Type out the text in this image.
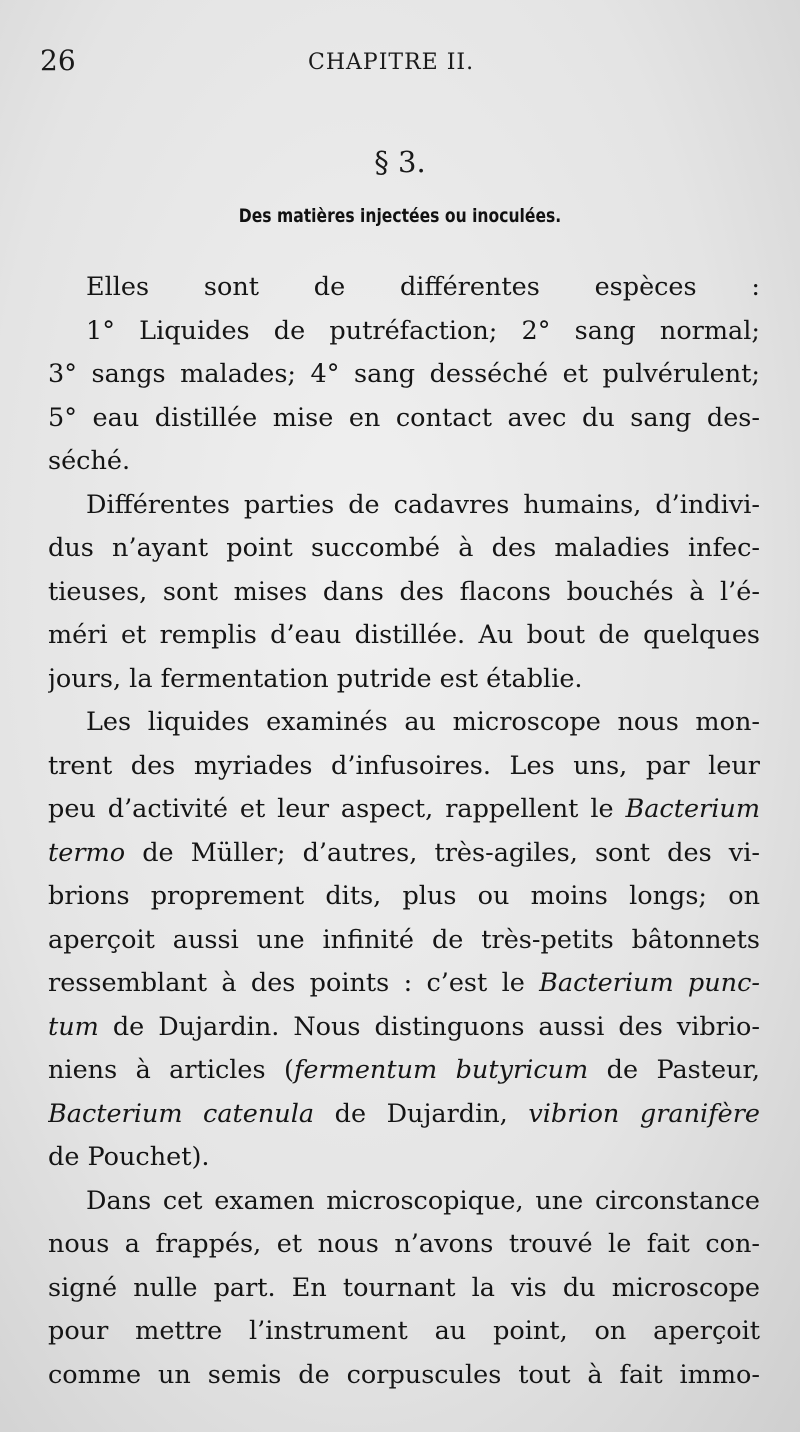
26	CHAPITRE II.
§ 3.
Des matières injectées ou inoculées.
Elles sont de différentes espèces :
1° Liquides de putréfaction; 2° sang normal;
3° sangs malades; 4° sang desséché et pulvérulent;
5° eau distillée mise en contact avec du sang des-
séché.
Différentes parties de cadavres humains, d’indivi-
dus n’ayant point succombé à des maladies infec-
tieuses, sont mises dans des flacons bouchés à l’é-
méri et remplis d’eau distillée. Au bout de quelques
jours, la fermentation putride est établie.
Les liquides examinés au microscope nous mon-
trent des myriades d’infusoires. Les uns, par leur
peu d’activité et leur aspect, rappellent le Bacterium
termo de Müller; d’autres, très-agiles, sont des vi-
brions proprement dits, plus ou moins longs; on
aperçoit aussi une infinité de très-petits bâtonnets
ressemblant à des points : c’est le Bacterium punc-
tum de Dujardin. Nous distinguons aussi des vibrio-
niens à articles (fermentum butyricum de Pasteur,
Bacterium catenula de Dujardin, vibrion granifère
de Pouchet).
Dans cet examen microscopique, une circonstance
nous a frappés, et nous n’avons trouvé le fait con-
signé nulle part. En tournant la vis du microscope
pour mettre l’instrument au point, on aperçoit
comme un semis de corpuscules tout à fait immo-
